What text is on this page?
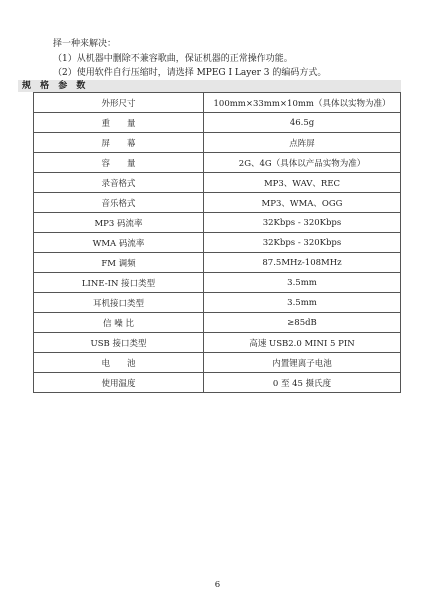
择一种来解决：

（1）从机器中删除不兼容歌曲，保证机器的正常操作功能。

（2）使用软件自行压缩时，请选择 MPEG I Layer 3 的编码方式。

规 格 参 数
外形尺寸	100mm×33mm×10mm（具体以实物为准）
重　　量	46.5g
屏　　幕	点阵屏
容　　量	2G、4G（具体以产品实物为准）
录音格式	MP3、WAV、REC
音乐格式	MP3、WMA、OGG
MP3 码流率	32Kbps - 320Kbps
WMA 码流率	32Kbps - 320Kbps
FM 调频	87.5MHz-108MHz
LINE-IN 接口类型	3.5mm
耳机接口类型	3.5mm
信 噪 比	≥85dB
USB 接口类型	高速 USB2.0 MINI 5 PIN
电　　池	内置锂离子电池
使用温度	0 至 45 摄氏度
6
